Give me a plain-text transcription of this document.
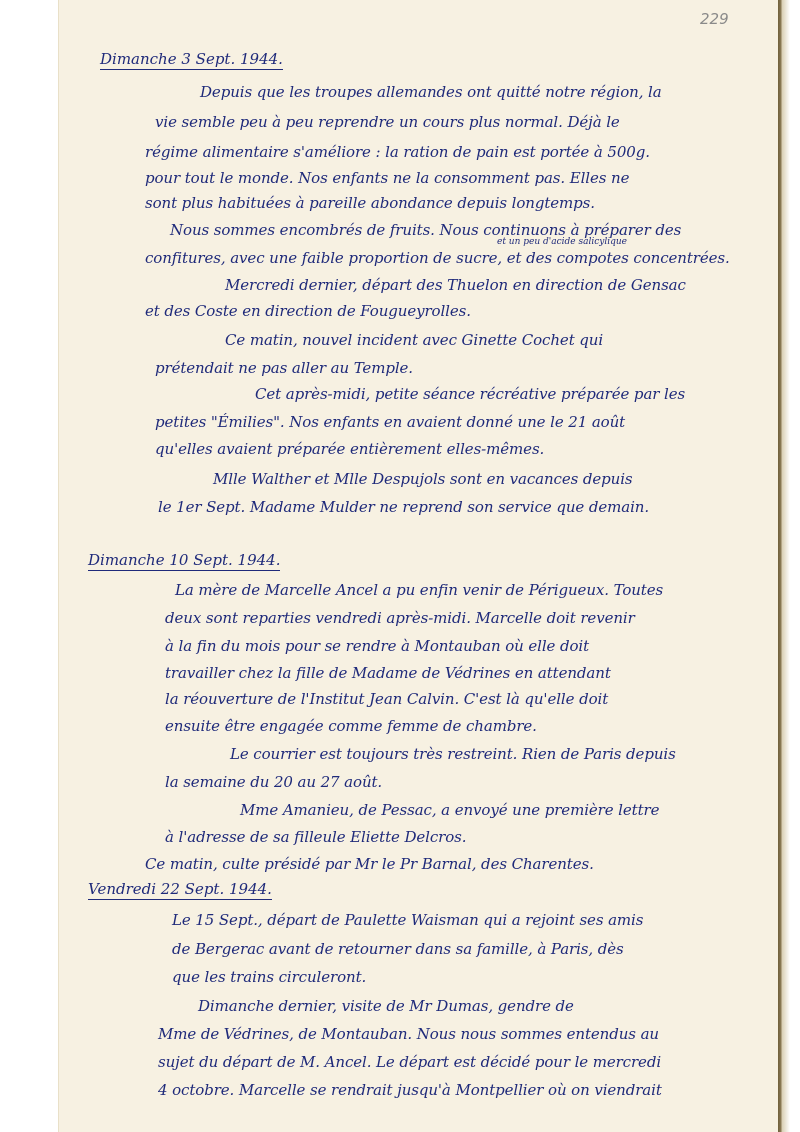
229
Dimanche 3 Sept. 1944.
Depuis que les troupes allemandes ont quitté notre région, la
vie semble peu à peu reprendre un cours plus normal. Déjà le
régime alimentaire s'améliore : la ration de pain est portée à 500g.
pour tout le monde. Nos enfants ne la consomment pas. Elles ne
sont plus habituées à pareille abondance depuis longtemps.
Nous sommes encombrés de fruits. Nous continuons à préparer des
et un peu d'acide salicylique
confitures, avec une faible proportion de sucre, et des compotes concentrées.
Mercredi dernier, départ des Thuelon en direction de Gensac
et des Coste en direction de Fougueyrolles.
Ce matin, nouvel incident avec Ginette Cochet qui
prétendait ne pas aller au Temple.
Cet après-midi, petite séance récréative préparée par les
petites "Émilies". Nos enfants en avaient donné une le 21 août
qu'elles avaient préparée entièrement elles-mêmes.
Mlle Walther et Mlle Despujols sont en vacances depuis
le 1er Sept. Madame Mulder ne reprend son service que demain.
Dimanche 10 Sept. 1944.
La mère de Marcelle Ancel a pu enfin venir de Périgueux. Toutes
deux sont reparties vendredi après-midi. Marcelle doit revenir
à la fin du mois pour se rendre à Montauban où elle doit
travailler chez la fille de Madame de Védrines en attendant
la réouverture de l'Institut Jean Calvin. C'est là qu'elle doit
ensuite être engagée comme femme de chambre.
Le courrier est toujours très restreint. Rien de Paris depuis
la semaine du 20 au 27 août.
Mme Amanieu, de Pessac, a envoyé une première lettre
à l'adresse de sa filleule Eliette Delcros.
Ce matin, culte présidé par Mr le Pr Barnal, des Charentes.
Vendredi 22 Sept. 1944.
Le 15 Sept., départ de Paulette Waisman qui a rejoint ses amis
de Bergerac avant de retourner dans sa famille, à Paris, dès
que les trains circuleront.
Dimanche dernier, visite de Mr Dumas, gendre de
Mme de Védrines, de Montauban. Nous nous sommes entendus au
sujet du départ de M. Ancel. Le départ est décidé pour le mercredi
4 octobre. Marcelle se rendrait jusqu'à Montpellier où on viendrait
